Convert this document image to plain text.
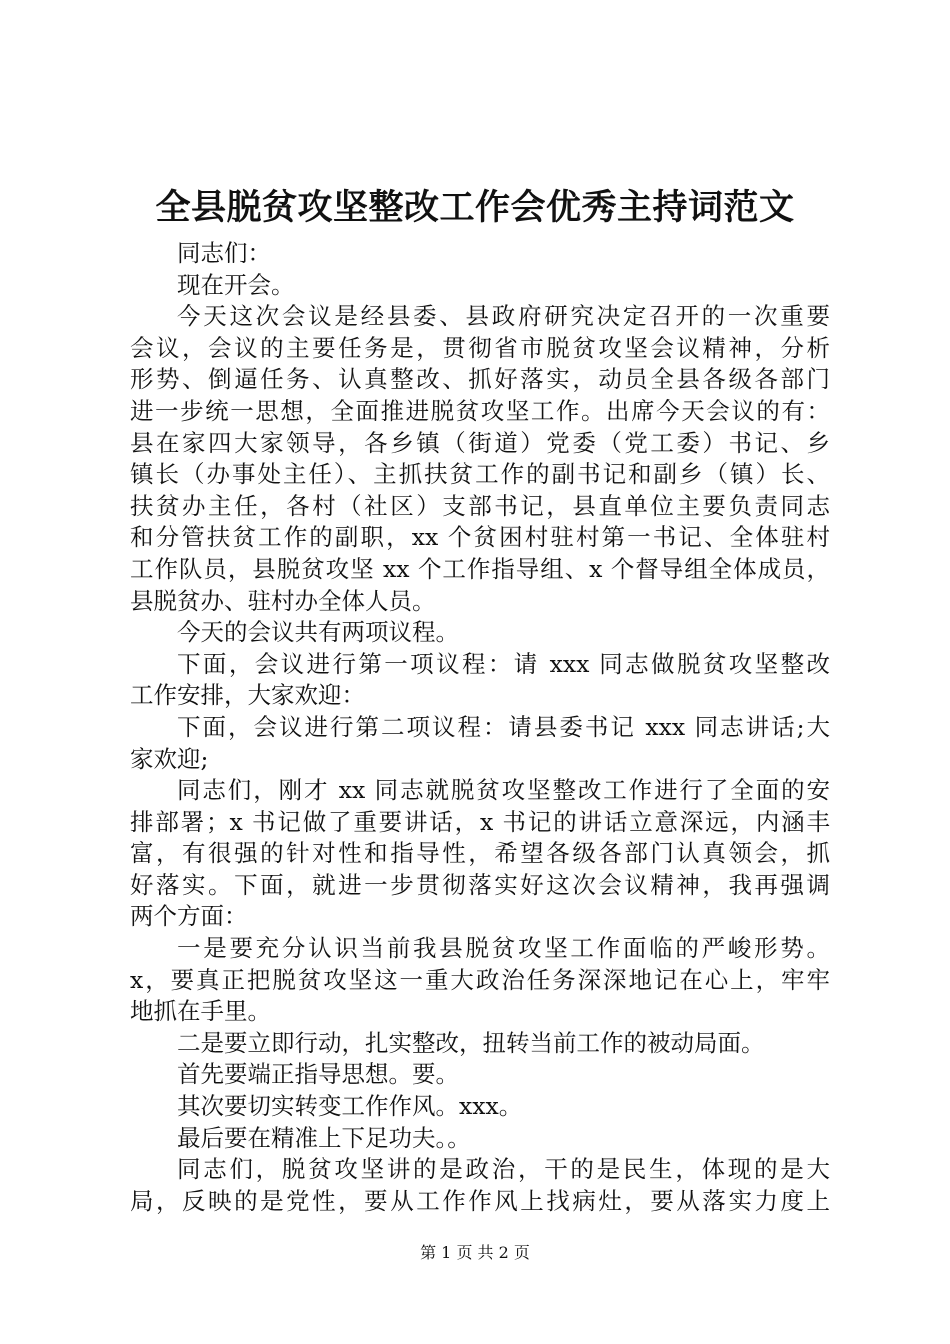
全县脱贫攻坚整改工作会优秀主持词范文
同志们：
现在开会。
今天这次会议是经县委、县政府研究决定召开的一次重要
会议，会议的主要任务是，贯彻省市脱贫攻坚会议精神，分析
形势、倒逼任务、认真整改、抓好落实，动员全县各级各部门
进一步统一思想，全面推进脱贫攻坚工作。出席今天会议的有：
县在家四大家领导，各乡镇（街道）党委（党工委）书记、乡
镇长（办事处主任）、主抓扶贫工作的副书记和副乡（镇）长、
扶贫办主任，各村（社区）支部书记，县直单位主要负责同志
和分管扶贫工作的副职，xx 个贫困村驻村第一书记、全体驻村
工作队员，县脱贫攻坚 xx 个工作指导组、x 个督导组全体成员，
县脱贫办、驻村办全体人员。
今天的会议共有两项议程。
下面，会议进行第一项议程：请 xxx 同志做脱贫攻坚整改
工作安排，大家欢迎：
下面，会议进行第二项议程：请县委书记 xxx 同志讲话;大
家欢迎;
同志们，刚才 xx 同志就脱贫攻坚整改工作进行了全面的安
排部署；x 书记做了重要讲话，x 书记的讲话立意深远，内涵丰
富，有很强的针对性和指导性，希望各级各部门认真领会，抓
好落实。下面，就进一步贯彻落实好这次会议精神，我再强调
两个方面：
一是要充分认识当前我县脱贫攻坚工作面临的严峻形势。
x，要真正把脱贫攻坚这一重大政治任务深深地记在心上，牢牢
地抓在手里。
二是要立即行动，扎实整改，扭转当前工作的被动局面。
首先要端正指导思想。要。
其次要切实转变工作作风。xxx。
最后要在精准上下足功夫。。
同志们，脱贫攻坚讲的是政治，干的是民生，体现的是大
局，反映的是党性，要从工作作风上找病灶，要从落实力度上
第 1 页 共 2 页
